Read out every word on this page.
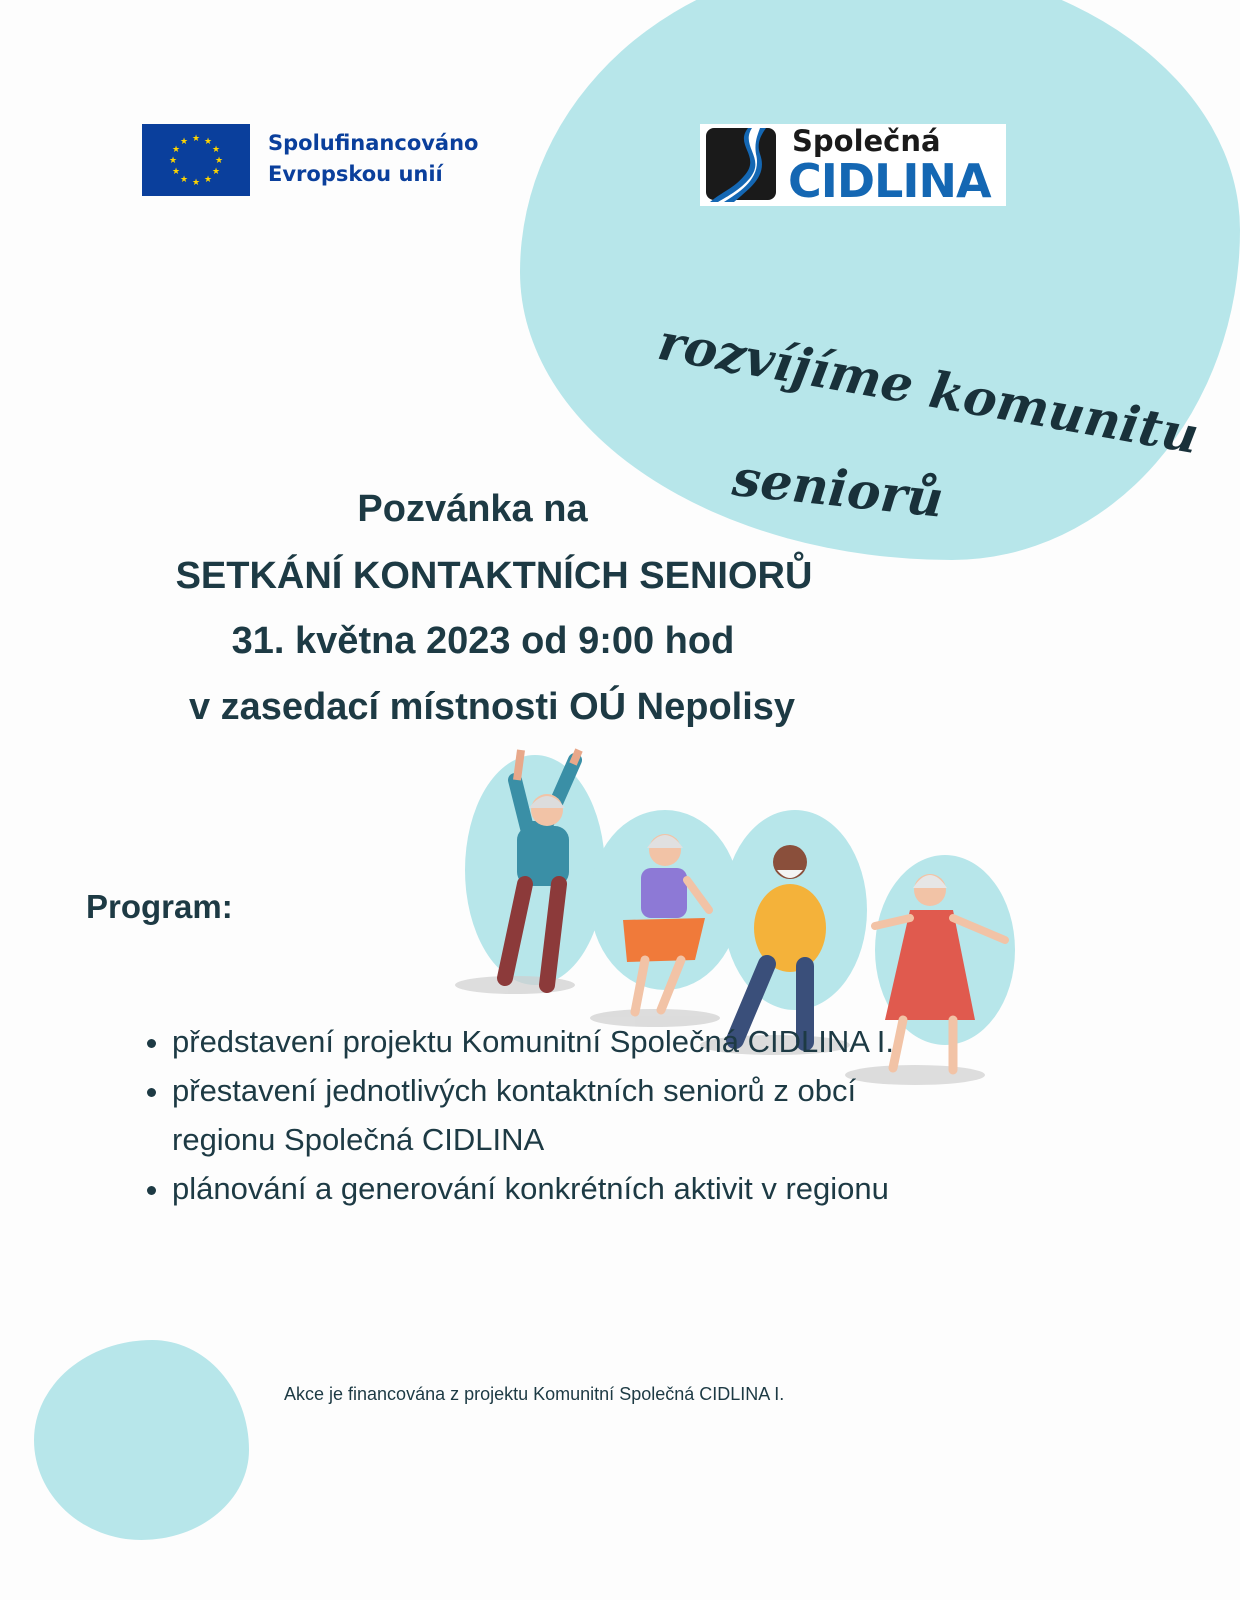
★ ★
★
★
★
★
★
★
★
★
★
★	Spolufinancováno
Evropskou unií
Společná
CIDLINA
rozvíjíme komunitu
seniorů

Pozvánka na

SETKÁNÍ KONTAKTNÍCH SENIORŮ

31. května 2023 od 9:00 hod

v zasedací místnosti OÚ Nepolisy

Program:
představení projektu Komunitní Společná CIDLINA I.
přestavení jednotlivých kontaktních seniorů z obcí regionu Společná CIDLINA
plánování a generování konkrétních aktivit v regionu
Akce je financována z projektu Komunitní Společná CIDLINA I.
